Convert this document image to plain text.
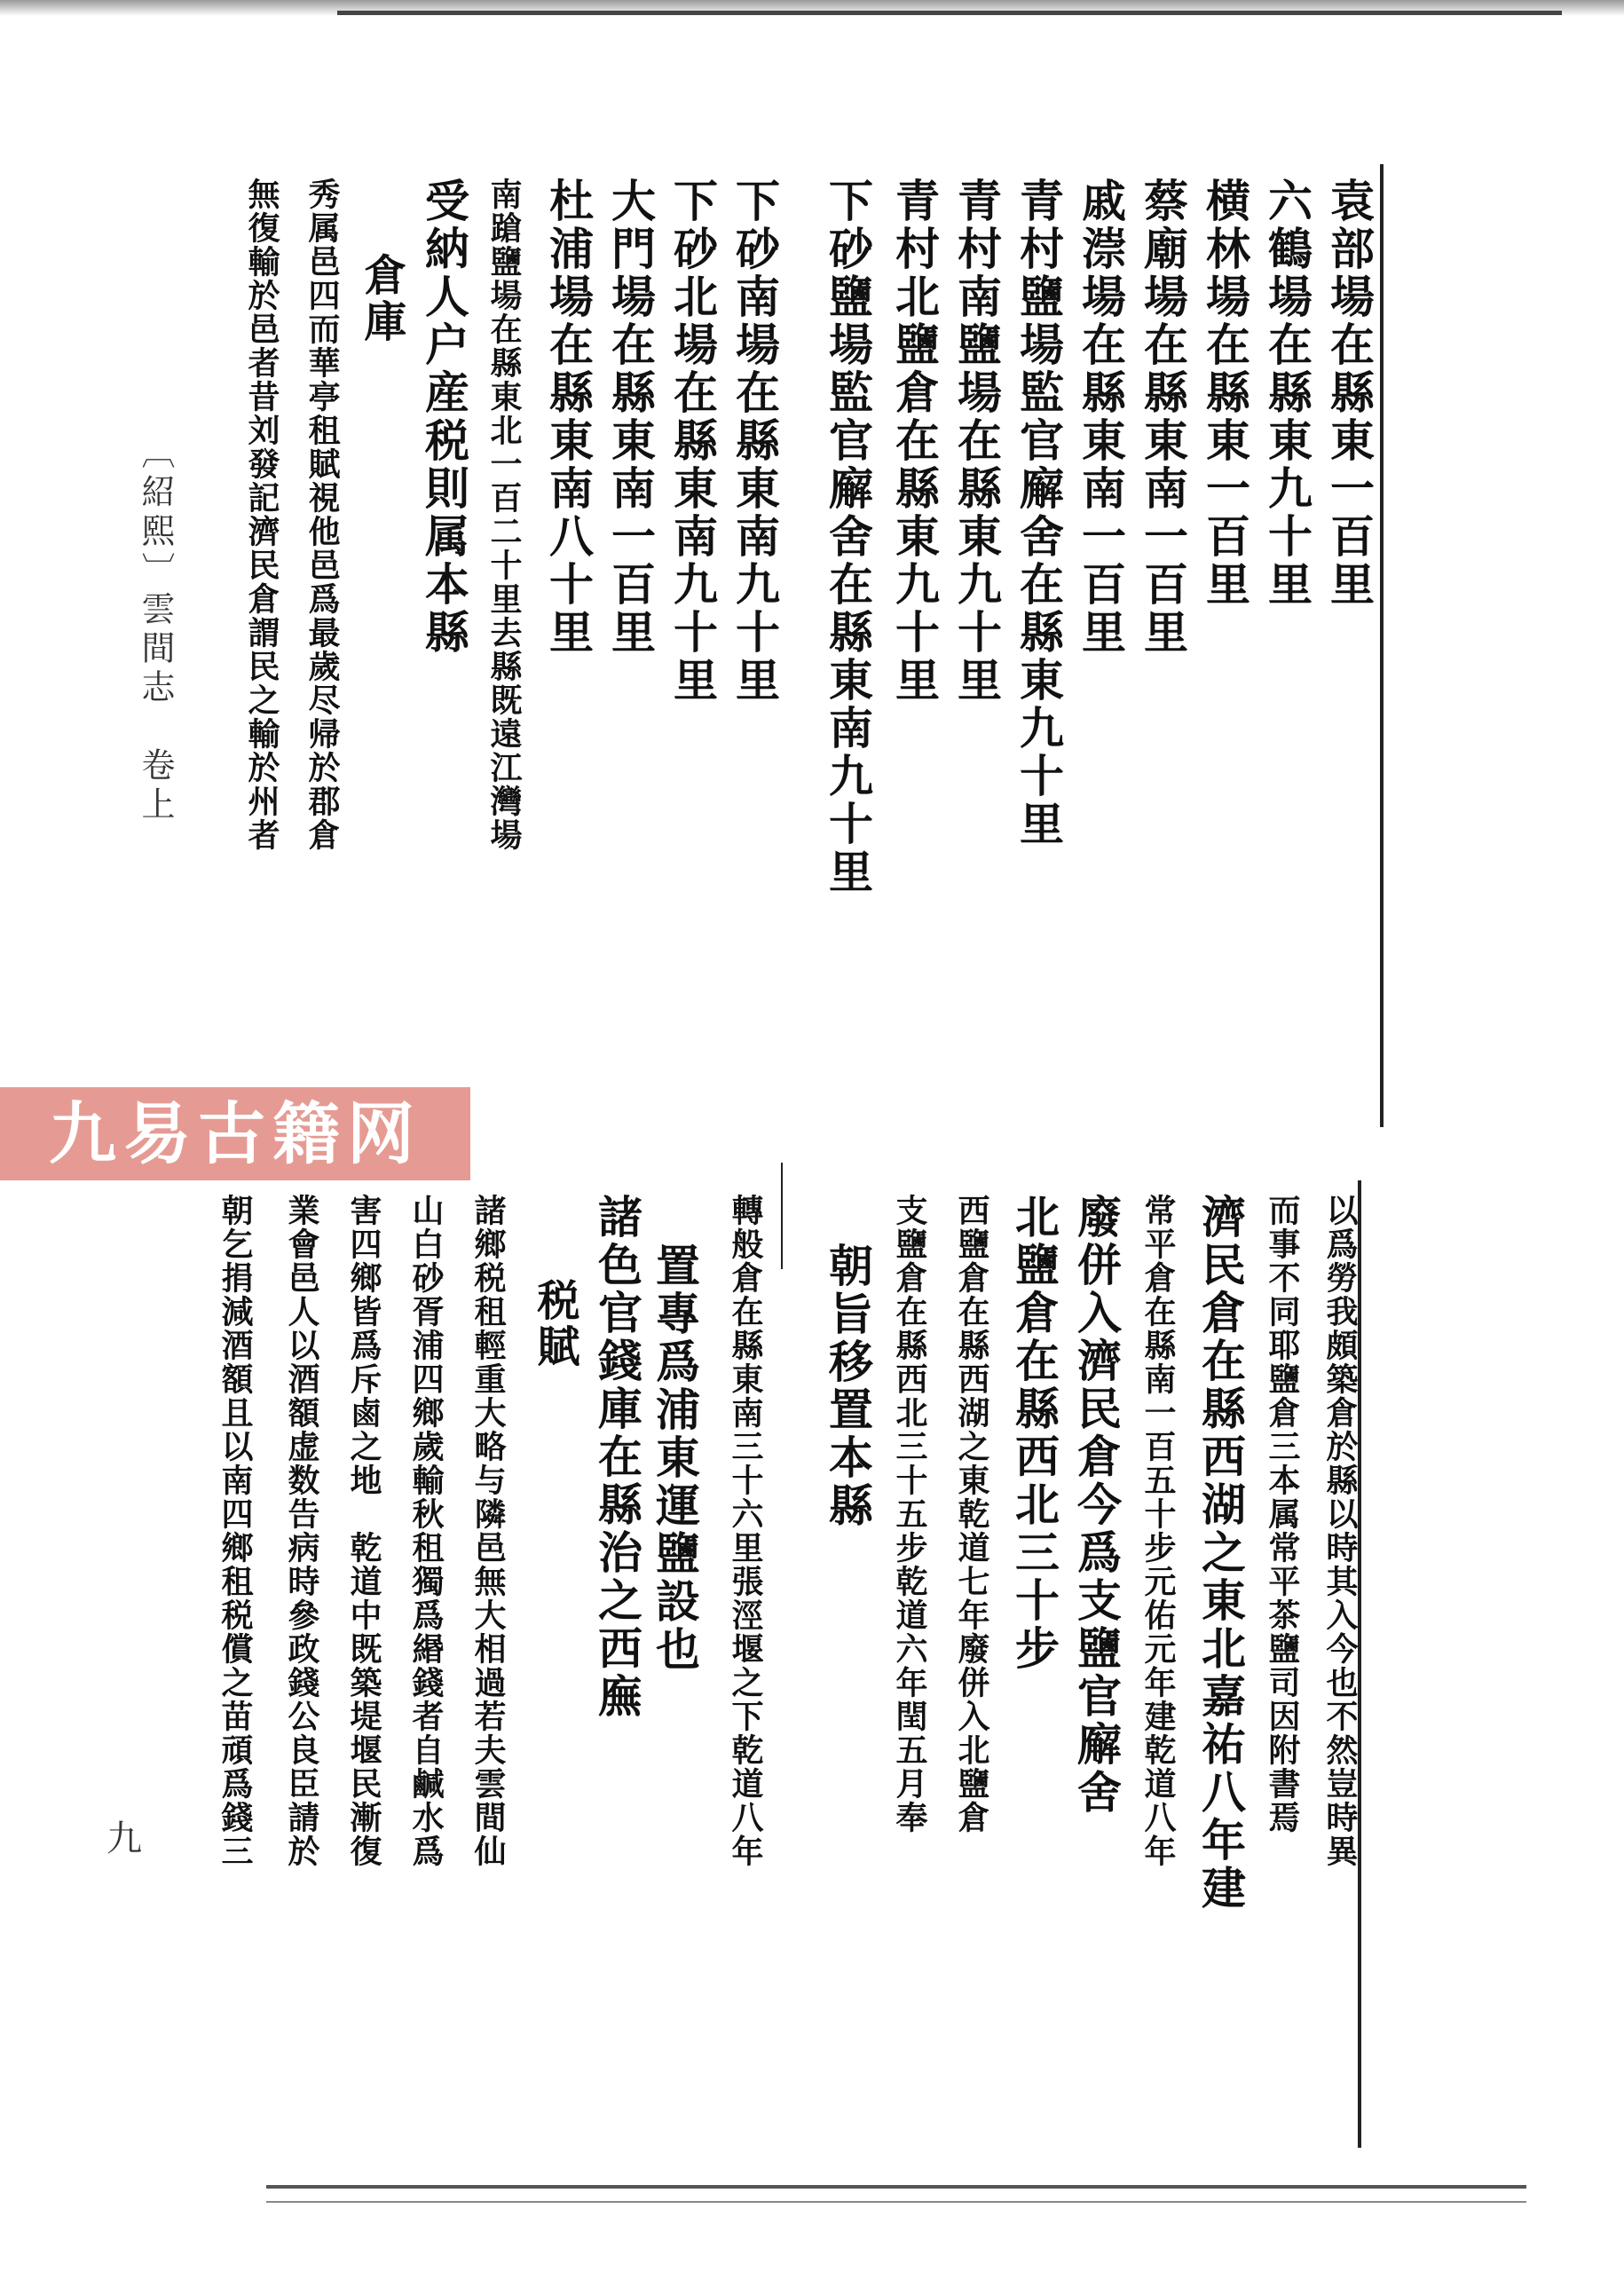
袁部場在縣東一百里
六鶴場在縣東九十里
横林場在縣東一百里
蔡廟場在縣東南一百里
戚漴場在縣東南一百里
青村鹽場監官廨舍在縣東九十里
青村南鹽場在縣東九十里
青村北鹽倉在縣東九十里
下砂鹽場監官廨舍在縣東南九十里
下砂南場在縣東南九十里
下砂北場在縣東南九十里
大門場在縣東南一百里
杜浦場在縣東南八十里
南蹌鹽場在縣東北一百二十里去縣既遠江灣場
受納人户産税則属本縣
倉庫
秀属邑四而華亭租賦視他邑爲最歲尽帰於郡倉
無復輸於邑者昔刘發記濟民倉謂民之輸於州者
以爲勞我頗築倉於縣以時其入今也不然豈時異
而事不同耶鹽倉三本属常平茶鹽司因附書焉
濟民倉在縣西湖之東北嘉祐八年建
常平倉在縣南一百五十步元佑元年建乾道八年
廢併入濟民倉今爲支鹽官廨舍
北鹽倉在縣西北三十步
西鹽倉在縣西湖之東乾道七年廢併入北鹽倉
支鹽倉在縣西北三十五步乾道六年閏五月奉
朝旨移置本縣
轉般倉在縣東南三十六里張涇堰之下乾道八年
置專爲浦東運鹽設也
諸色官錢庫在縣治之西廡
税賦
諸鄉税租輕重大略与隣邑無大相過若夫雲間仙
山白砂胥浦四鄉歲輸秋租獨爲緡錢者自鹹水爲
害四鄉皆爲斥鹵之地　乾道中既築堤堰民漸復
業會邑人以酒額虚数告病時參政錢公良臣請於
朝乞捐減酒額且以南四鄉租税償之苗頑爲錢三
〔紹熙〕雲間志　卷上
九
九易古籍网
